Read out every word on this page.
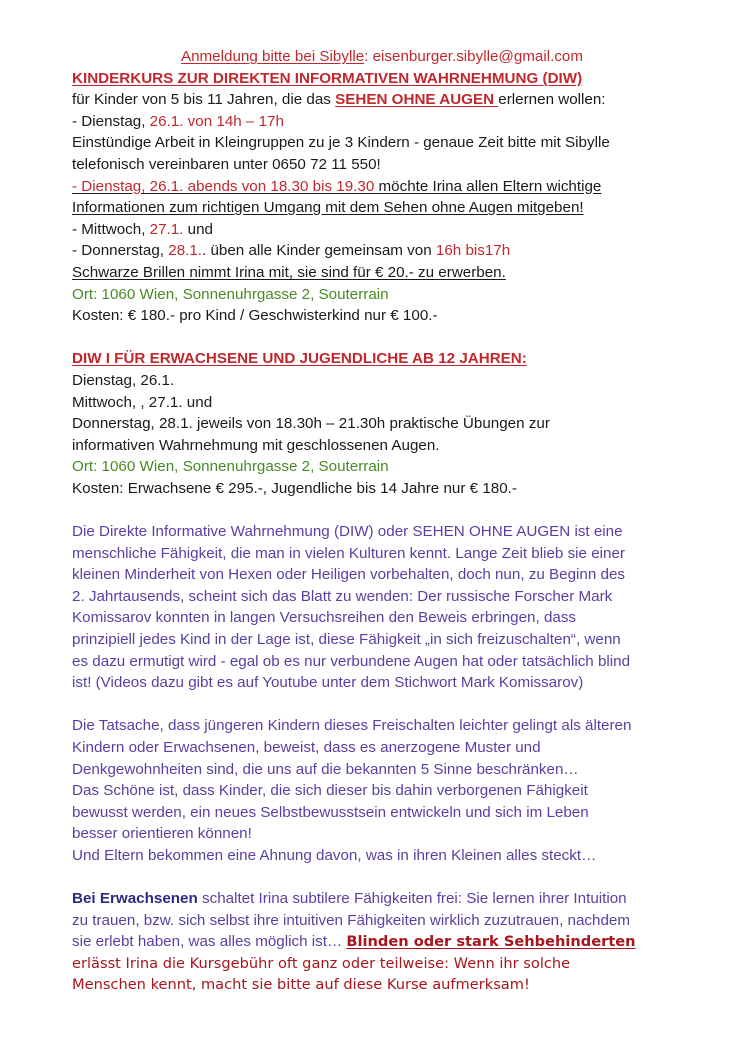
Anmeldung bitte bei Sibylle: eisenburger.sibylle@gmail.com
KINDERKURS ZUR DIREKTEN INFORMATIVEN WAHRNEHMUNG (DIW)
für Kinder von 5 bis 11 Jahren, die das SEHEN OHNE AUGEN erlernen wollen:
- Dienstag, 26.1. von 14h – 17h
Einstündige Arbeit in Kleingruppen zu je 3 Kindern - genaue Zeit bitte mit Sibylle
telefonisch vereinbaren unter 0650 72 11 550!
- Dienstag, 26.1. abends von 18.30 bis 19.30 möchte Irina allen Eltern wichtige
Informationen zum richtigen Umgang mit dem Sehen ohne Augen mitgeben!
- Mittwoch, 27.1. und
- Donnerstag, 28.1.. üben alle Kinder gemeinsam von 16h bis17h
Schwarze Brillen nimmt Irina mit, sie sind für € 20.- zu erwerben.
Ort: 1060 Wien, Sonnenuhrgasse 2, Souterrain
Kosten: € 180.- pro Kind / Geschwisterkind nur € 100.-
DIW I FÜR ERWACHSENE UND JUGENDLICHE AB 12 JAHREN:
Dienstag, 26.1.
Mittwoch, , 27.1. und
Donnerstag, 28.1. jeweils von 18.30h – 21.30h praktische Übungen zur
informativen Wahrnehmung mit geschlossenen Augen.
Ort: 1060 Wien, Sonnenuhrgasse 2, Souterrain
Kosten: Erwachsene € 295.-, Jugendliche bis 14 Jahre nur € 180.-
Die Direkte Informative Wahrnehmung (DIW) oder SEHEN OHNE AUGEN ist eine
menschliche Fähigkeit, die man in vielen Kulturen kennt. Lange Zeit blieb sie einer
kleinen Minderheit von Hexen oder Heiligen vorbehalten, doch nun, zu Beginn des
2. Jahrtausends, scheint sich das Blatt zu wenden: Der russische Forscher Mark
Komissarov konnten in langen Versuchsreihen den Beweis erbringen, dass
prinzipiell jedes Kind in der Lage ist, diese Fähigkeit „in sich freizuschalten“, wenn
es dazu ermutigt wird - egal ob es nur verbundene Augen hat oder tatsächlich blind
ist! (Videos dazu gibt es auf Youtube unter dem Stichwort Mark Komissarov)
Die Tatsache, dass jüngeren Kindern dieses Freischalten leichter gelingt als älteren
Kindern oder Erwachsenen, beweist, dass es anerzogene Muster und
Denkgewohnheiten sind, die uns auf die bekannten 5 Sinne beschränken…
Das Schöne ist, dass Kinder, die sich dieser bis dahin verborgenen Fähigkeit
bewusst werden, ein neues Selbstbewusstsein entwickeln und sich im Leben
besser orientieren können!
Und Eltern bekommen eine Ahnung davon, was in ihren Kleinen alles steckt…
Bei Erwachsenen schaltet Irina subtilere Fähigkeiten frei: Sie lernen ihrer Intuition
zu trauen, bzw. sich selbst ihre intuitiven Fähigkeiten wirklich zuzutrauen, nachdem
sie erlebt haben, was alles möglich ist… Blinden oder stark Sehbehinderten
erlässt Irina die Kursgebühr oft ganz oder teilweise: Wenn ihr solche
Menschen kennt, macht sie bitte auf diese Kurse aufmerksam!
